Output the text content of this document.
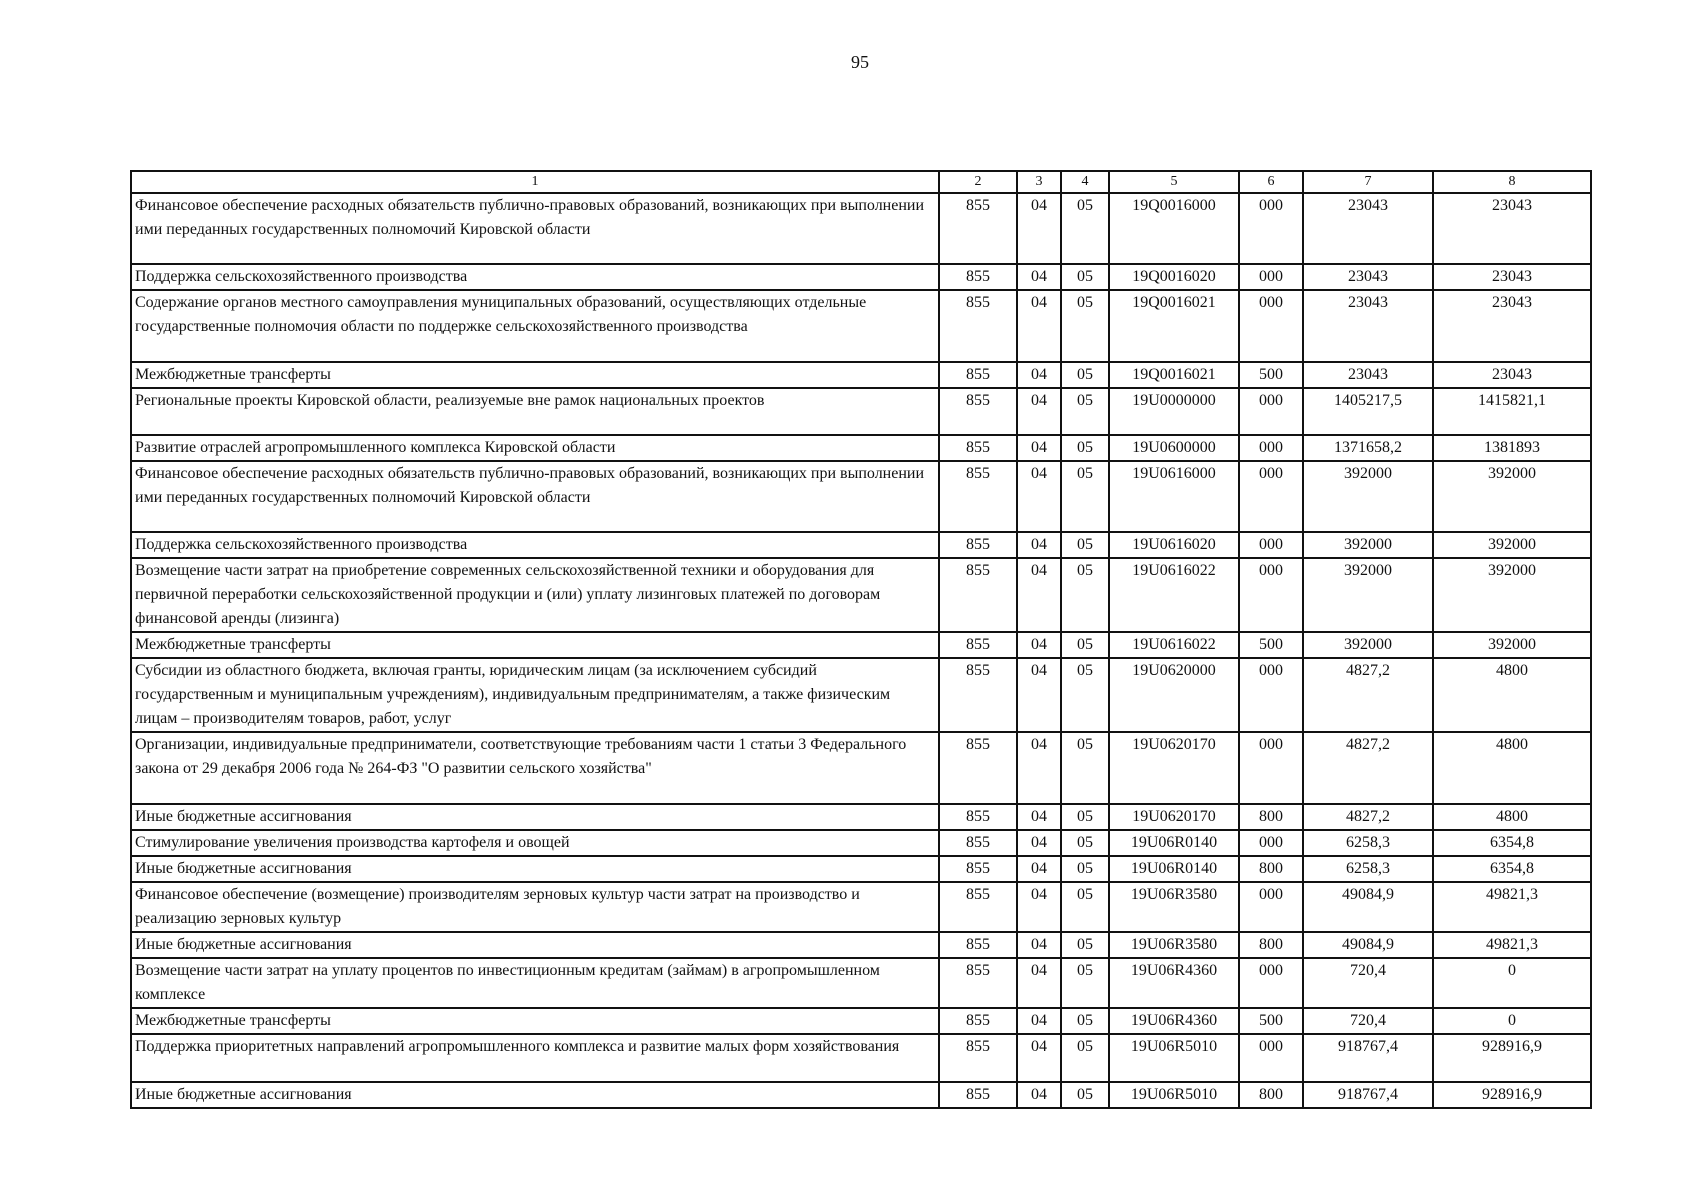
95
1	2	3	4	5	6	7	8
Финансовое обеспечение расходных обязательств публично-правовых образований, возникающих при выполнении ими переданных государственных полномочий Кировской области	855	04	05	19Q0016000	000	23043	23043
Поддержка сельскохозяйственного производства	855	04	05	19Q0016020	000	23043	23043
Содержание органов местного самоуправления муниципальных образований, осуществляющих отдельные государственные полномочия области по поддержке сельскохозяйственного производства	855	04	05	19Q0016021	000	23043	23043
Межбюджетные трансферты	855	04	05	19Q0016021	500	23043	23043
Региональные проекты Кировской области, реализуемые вне рамок национальных проектов	855	04	05	19U0000000	000	1405217,5	1415821,1
Развитие отраслей агропромышленного комплекса Кировской области	855	04	05	19U0600000	000	1371658,2	1381893
Финансовое обеспечение расходных обязательств публично-правовых образований, возникающих при выполнении ими переданных государственных полномочий Кировской области	855	04	05	19U0616000	000	392000	392000
Поддержка сельскохозяйственного производства	855	04	05	19U0616020	000	392000	392000
Возмещение части затрат на приобретение современных сельскохозяйственной техники и оборудования для первичной переработки сельскохозяйственной продукции и (или) уплату лизинговых платежей по договорам финансовой аренды (лизинга)	855	04	05	19U0616022	000	392000	392000
Межбюджетные трансферты	855	04	05	19U0616022	500	392000	392000
Субсидии из областного бюджета, включая гранты, юридическим лицам (за исключением субсидий государственным и муниципальным учреждениям), индивидуальным предпринимателям, а также физическим лицам – производителям товаров, работ, услуг	855	04	05	19U0620000	000	4827,2	4800
Организации, индивидуальные предприниматели, соответствующие требованиям части 1 статьи 3 Федерального закона от 29 декабря 2006 года № 264-ФЗ "О развитии сельского хозяйства"	855	04	05	19U0620170	000	4827,2	4800
Иные бюджетные ассигнования	855	04	05	19U0620170	800	4827,2	4800
Стимулирование увеличения производства картофеля и овощей	855	04	05	19U06R0140	000	6258,3	6354,8
Иные бюджетные ассигнования	855	04	05	19U06R0140	800	6258,3	6354,8
Финансовое обеспечение (возмещение) производителям зерновых культур части затрат на производство и реализацию зерновых культур	855	04	05	19U06R3580	000	49084,9	49821,3
Иные бюджетные ассигнования	855	04	05	19U06R3580	800	49084,9	49821,3
Возмещение части затрат на уплату процентов по инвестиционным кредитам (займам) в агропромышленном комплексе	855	04	05	19U06R4360	000	720,4	0
Межбюджетные трансферты	855	04	05	19U06R4360	500	720,4	0
Поддержка приоритетных направлений агропромышленного комплекса и развитие малых форм хозяйствования	855	04	05	19U06R5010	000	918767,4	928916,9
Иные бюджетные ассигнования	855	04	05	19U06R5010	800	918767,4	928916,9
